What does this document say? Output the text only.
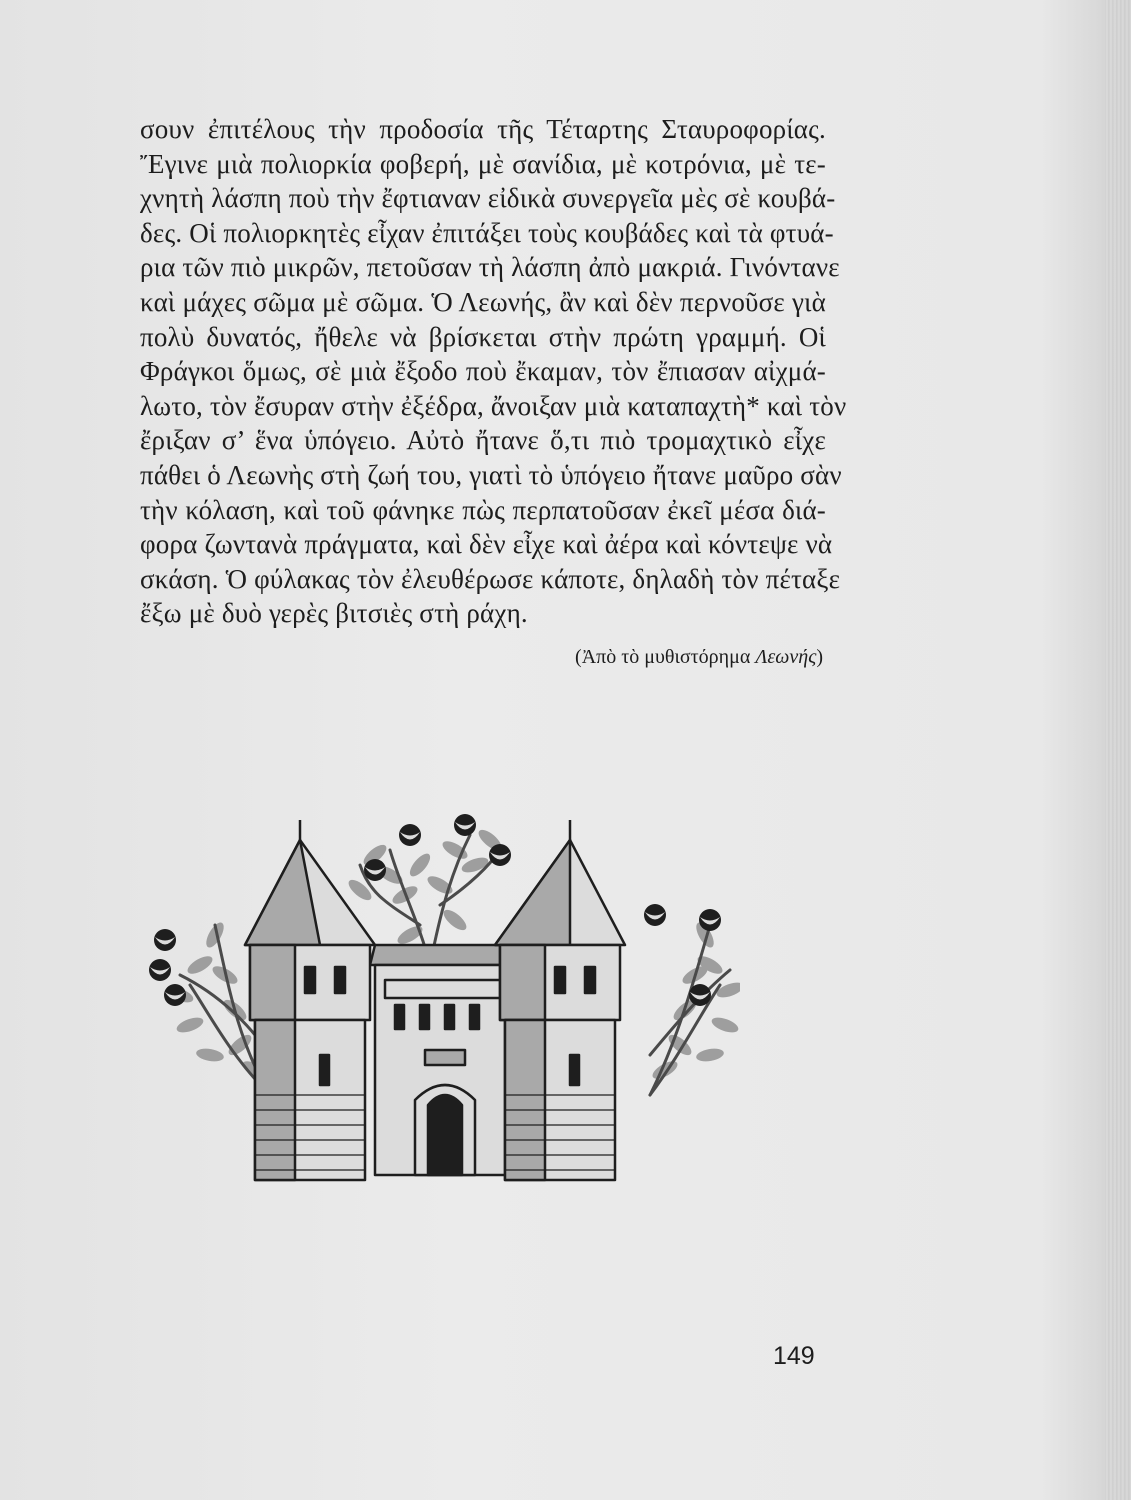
σουν ἐπιτέλους τὴν προδοσία τῆς Τέταρτης Σταυροφορίας.
Ἔγινε μιὰ πολιορκία φοβερή, μὲ σανίδια, μὲ κοτρόνια, μὲ τε-
χνητὴ λάσπη ποὺ τὴν ἔφτιαναν εἰδικὰ συνεργεῖα μὲς σὲ κουβά-
δες. Οἱ πολιορκητὲς εἶχαν ἐπιτάξει τοὺς κουβάδες καὶ τὰ φτυά-
ρια τῶν πιὸ μικρῶν, πετοῦσαν τὴ λάσπη ἀπὸ μακριά. Γινόντανε
καὶ μάχες σῶμα μὲ σῶμα. Ὁ Λεωνής, ἂν καὶ δὲν περνοῦσε γιὰ
πολὺ δυνατός, ἤθελε νὰ βρίσκεται στὴν πρώτη γραμμή. Οἱ
Φράγκοι ὅμως, σὲ μιὰ ἔξοδο ποὺ ἔκαμαν, τὸν ἔπιασαν αἰχμά-
λωτο, τὸν ἔσυραν στὴν ἐξέδρα, ἄνοιξαν μιὰ καταπαχτὴ* καὶ τὸν
ἔριξαν σ’ ἕνα ὑπόγειο. Αὐτὸ ἤτανε ὅ,τι πιὸ τρομαχτικὸ εἶχε
πάθει ὁ Λεωνὴς στὴ ζωή του, γιατὶ τὸ ὑπόγειο ἤτανε μαῦρο σὰν
τὴν κόλαση, καὶ τοῦ φάνηκε πὼς περπατοῦσαν ἐκεῖ μέσα διά-
φορα ζωντανὰ πράγματα, καὶ δὲν εἶχε καὶ ἀέρα καὶ κόντεψε νὰ
σκάση. Ὁ φύλακας τὸν ἐλευθέρωσε κάποτε, δηλαδὴ τὸν πέταξε
ἔξω μὲ δυὸ γερὲς βιτσιὲς στὴ ράχη.
(Ἀπὸ τὸ μυθιστόρημα Λεωνής)
149
